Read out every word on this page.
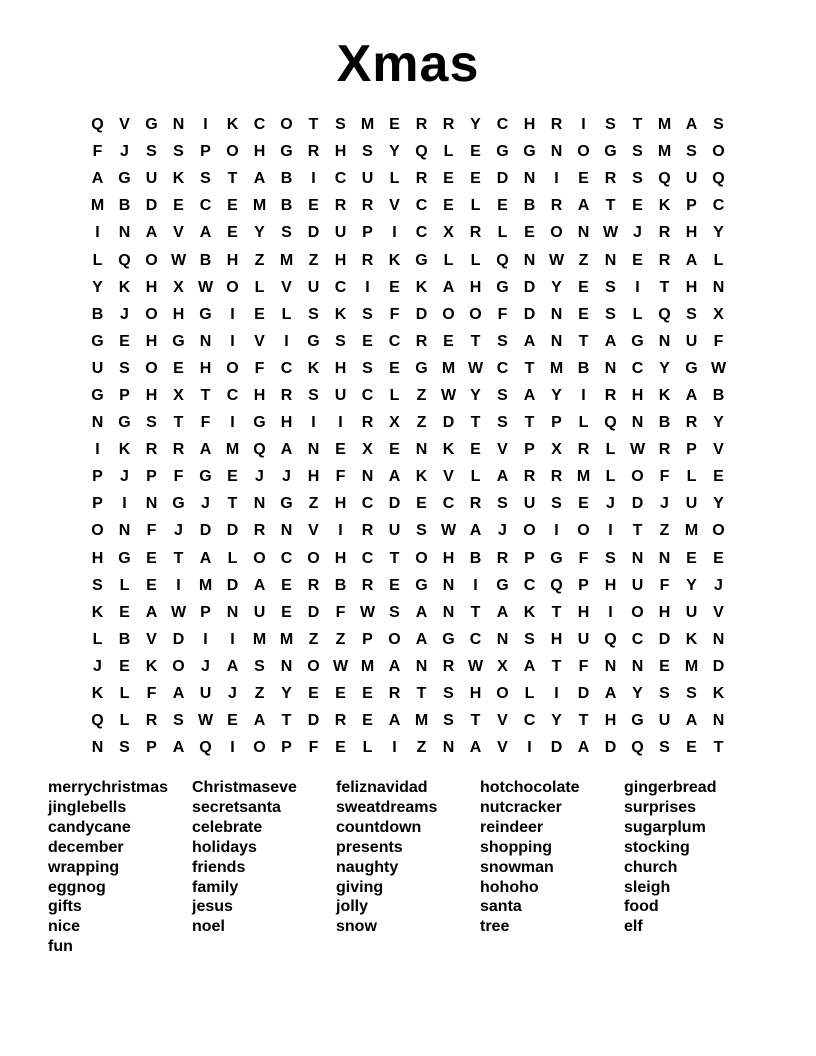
Xmas
Q V G N	I	K C O T	S M E R R Y C H R	I	S	T M A S
F	J	S	S	P O H G R H S	Y Q L	E G G N O G S M S O
A G U K S	T	A B	I	C U	L	R E	E D N	I	E R S Q U Q
M B D E C E M B E R R V C E	L	E B R A	T	E K P C
I	N A V A E	Y	S D U P	I	C X R	L	E O N W J	R H Y
L Q O W B H	Z M Z	H R K G L	L Q N W Z	N E R A	L
Y K H X W O L	V U C	I	E K A H G D Y	E	S	I	T	H N
B	J	O H G	I	E	L	S K S	F	D O O F	D N E	S	L Q S	X
G E H G N	I	V	I	G S	E C R E	T	S A N	T	A G N U	F
U S O E H O F	C K H S	E G M W C	T M B N C Y G W
G P H X	T	C H R S U C	L	Z W Y	S A Y	I	R H K A B
N G S	T	F	I	G H	I	I	R X	Z	D	T	S	T	P	L Q N B R Y
I	K R R A M Q A N E	X	E N K E	V	P	X R	L W R P	V
P	J	P	F G E	J	J	H	F	N A K V	L	A R R M L O F	L	E
P	I	N G	J	T	N G Z	H C D E C R S U S	E	J	D	J	U Y
O N	F	J	D D R N V	I	R U S W A	J	O	I	O	I	T	Z M O
H G E	T	A	L O C O H C	T O H B R P G F	S N N E	E
S	L	E	I	M D A E R B R E G N	I	G C Q P H U	F	Y	J
K E A W P N U E D	F W S A N	T	A K	T	H	I	O H U V
L	B V D	I	I	M M Z	Z	P O A G C N S H U Q C D K N
J	E K O	J	A S N O W M A N R W X A	T	F	N N E M D
K	L	F	A U	J	Z	Y	E	E	E R	T	S H O L	I	D A Y	S	S K
Q L	R S W E A	T	D R E A M S	T	V C Y	T	H G U A N
N S	P A Q	I	O P	F	E	L	I	Z	N A V	I	D A D Q S	E	T
merrychristmas
jinglebells
candycane
december
wrapping
eggnog
gifts
nice
fun
Christmaseve
secretsanta
celebrate
holidays
friends
family
jesus
noel
feliznavidad
sweatdreams
countdown
presents
naughty
giving
jolly
snow
hotchocolate
nutcracker
reindeer
shopping
snowman
hohoho
santa
tree
gingerbread
surprises
sugarplum
stocking
church
sleigh
food
elf
